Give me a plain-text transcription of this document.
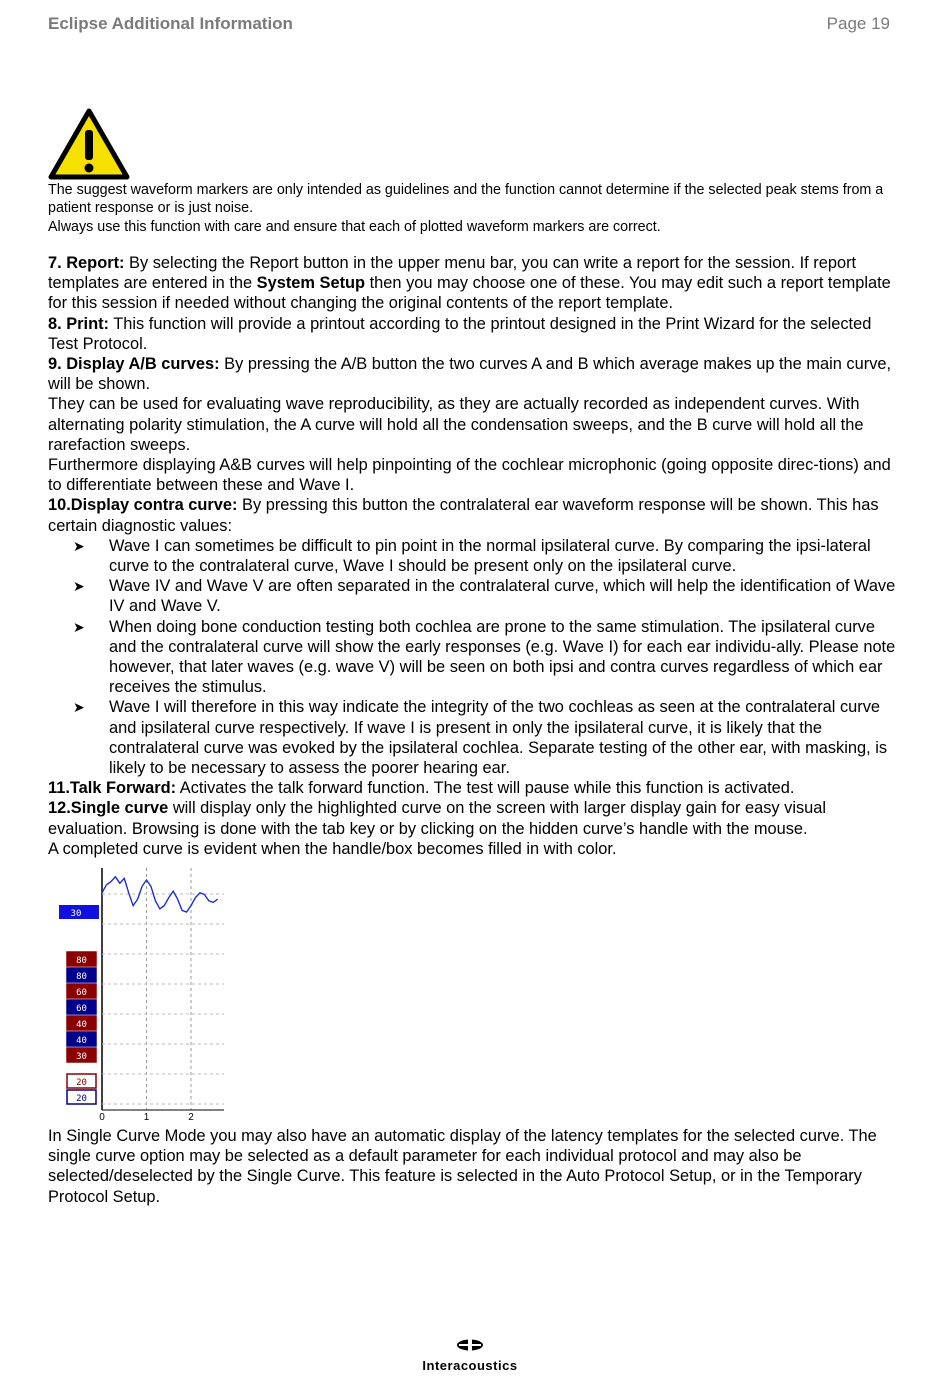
Eclipse Additional Information	Page 19

The suggest waveform markers are only intended as guidelines and the function cannot determine if the selected peak stems from a patient response or is just noise.

Always use this function with care and ensure that each of plotted waveform markers are correct.

7. Report: By selecting the Report button in the upper menu bar, you can write a report for the session. If report templates are entered in the System Setup then you may choose one of these. You may edit such a report template for this session if needed without changing the original contents of the report template.

8. Print: This function will provide a printout according to the printout designed in the Print Wizard for the selected Test Protocol.

9. Display A/B curves: By pressing the A/B button the two curves A and B which average makes up the main curve, will be shown.

They can be used for evaluating wave reproducibility, as they are actually recorded as independent curves. With alternating polarity stimulation, the A curve will hold all the condensation sweeps, and the B curve will hold all the rarefaction sweeps.

Furthermore displaying A&B curves will help pinpointing of the cochlear microphonic (going opposite direc-tions) and to differentiate between these and Wave I.

10.Display contra curve: By pressing this button the contralateral ear waveform response will be shown. This has certain diagnostic values:

➤ Wave I can sometimes be difficult to pin point in the normal ipsilateral curve. By comparing the ipsi-lateral curve to the contralateral curve, Wave I should be present only on the ipsilateral curve.
➤ Wave IV and Wave V are often separated in the contralateral curve, which will help the identification of Wave IV and Wave V.
➤ When doing bone conduction testing both cochlea are prone to the same stimulation. The ipsilateral curve and the contralateral curve will show the early responses (e.g. Wave I) for each ear individu-ally. Please note however, that later waves (e.g. wave V) will be seen on both ipsi and contra curves regardless of which ear receives the stimulus.
➤ Wave I will therefore in this way indicate the integrity of the two cochleas as seen at the contralateral curve and ipsilateral curve respectively. If wave I is present in only the ipsilateral curve, it is likely that the contralateral curve was evoked by the ipsilateral cochlea. Separate testing of the other ear, with masking, is likely to be necessary to assess the poorer hearing ear.

11.Talk Forward: Activates the talk forward function. The test will pause while this function is activated.

12.Single curve will display only the highlighted curve on the screen with larger display gain for easy visual evaluation. Browsing is done with the tab key or by clicking on the hidden curve’s handle with the mouse.

A completed curve is evident when the handle/box becomes filled in with color.

0	1	2
30
80
80
60
60
40
40
30
20
20

In Single Curve Mode you may also have an automatic display of the latency templates for the selected curve. The single curve option may be selected as a default parameter for each individual protocol and may also be selected/deselected by the Single Curve. This feature is selected in the Auto Protocol Setup, or in the Temporary Protocol Setup.

Interacoustics
